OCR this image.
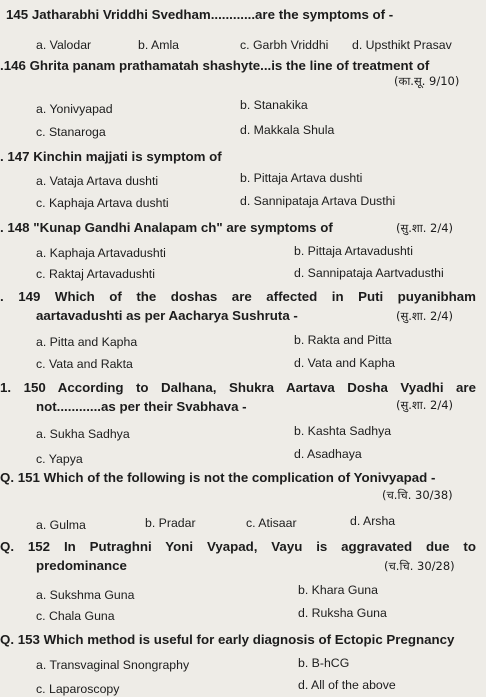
145 Jatharabhi Vriddhi Svedham............are the symptoms of -
a. Valodar	b. Amla	c. Garbh Vriddhi d. Upsthikt Prasav
.146 Ghrita panam prathamatah shashyte...is the line of treatment of
(का.सू. 9/10)
a. Yonivyapad	b. Stanakika
c. Stanaroga	d. Makkala Shula
. 147 Kinchin majjati is symptom of
a. Vataja Artava dushti	b. Pittaja Artava dushti
c. Kaphaja Artava dushti	d. Sannipataja Artava Dusthi
. 148 "Kunap Gandhi Analapam ch" are symptoms of	(सु.शा. 2/4)
a. Kaphaja Artavadushti	b. Pittaja Artavadushti
c. Raktaj Artavadushti	d. Sannipataja Aartvadusthi
. 149 Which of the doshas are affected in Puti puyanibham
aartavadushti as per Aacharya Sushruta -	(सु.शा. 2/4)
a. Pitta and Kapha	b. Rakta and Pitta
c. Vata and Rakta	d. Vata and Kapha
1. 150 According to Dalhana, Shukra Aartava Dosha Vyadhi are
not............as per their Svabhava -	(सु.शा. 2/4)
a. Sukha Sadhya	b. Kashta Sadhya
c. Yapya	d. Asadhaya
Q. 151 Which of the following is not the complication of Yonivyapad -
(च.चि. 30/38)
a. Gulma	b. Pradar	c. Atisaar	d. Arsha
Q. 152 In Putraghni Yoni Vyapad, Vayu is aggravated due to
predominance	(च.चि. 30/28)
a. Sukshma Guna	b. Khara Guna
c. Chala Guna	d. Ruksha Guna
Q. 153 Which method is useful for early diagnosis of Ectopic Pregnancy
a. Transvaginal Snongraphy	b. B-hCG
c. Laparoscopy	d. All of the above
